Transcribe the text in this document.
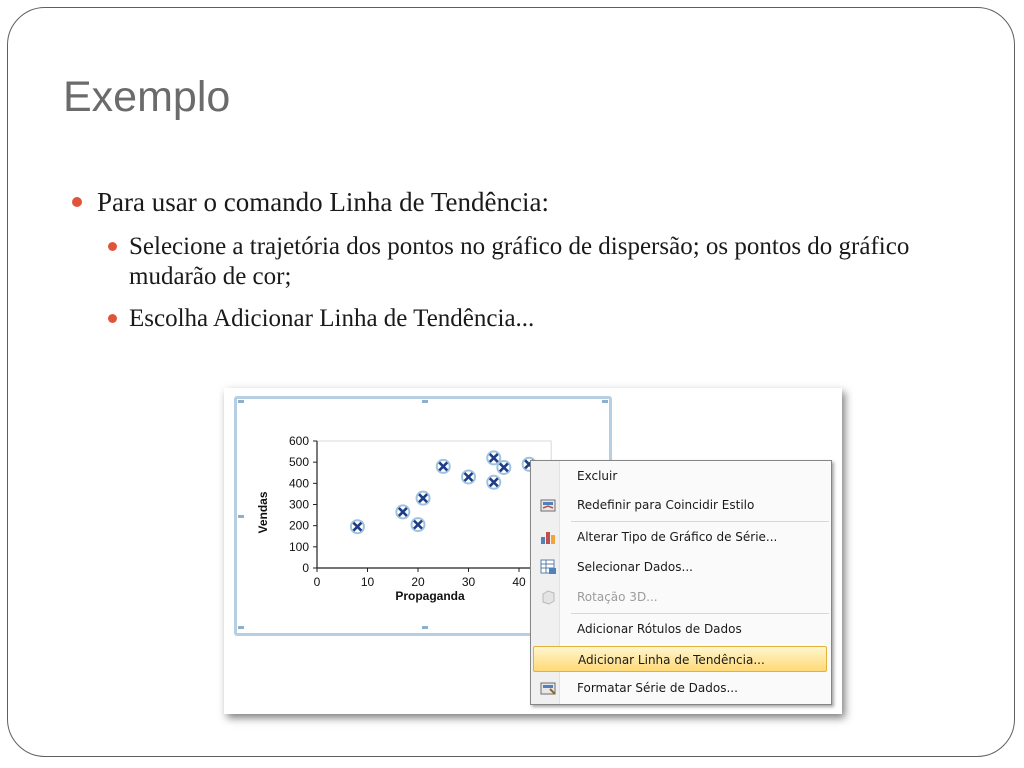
Exemplo
Para usar o comando Linha de Tendência:
Selecione a trajetória dos pontos no gráfico de dispersão; os pontos do gráfico mudarão de cor;
Escolha Adicionar Linha de Tendência...
0
100
200
300
400
500
600
0	10	20	30	40
Propaganda
Vendas
Excluir
Redefinir para Coincidir Estilo
Alterar Tipo de Gráfico de Série...
Selecionar Dados...
Rotação 3D...
Adicionar Rótulos de Dados
Adicionar Linha de Tendência...
Formatar Série de Dados...
